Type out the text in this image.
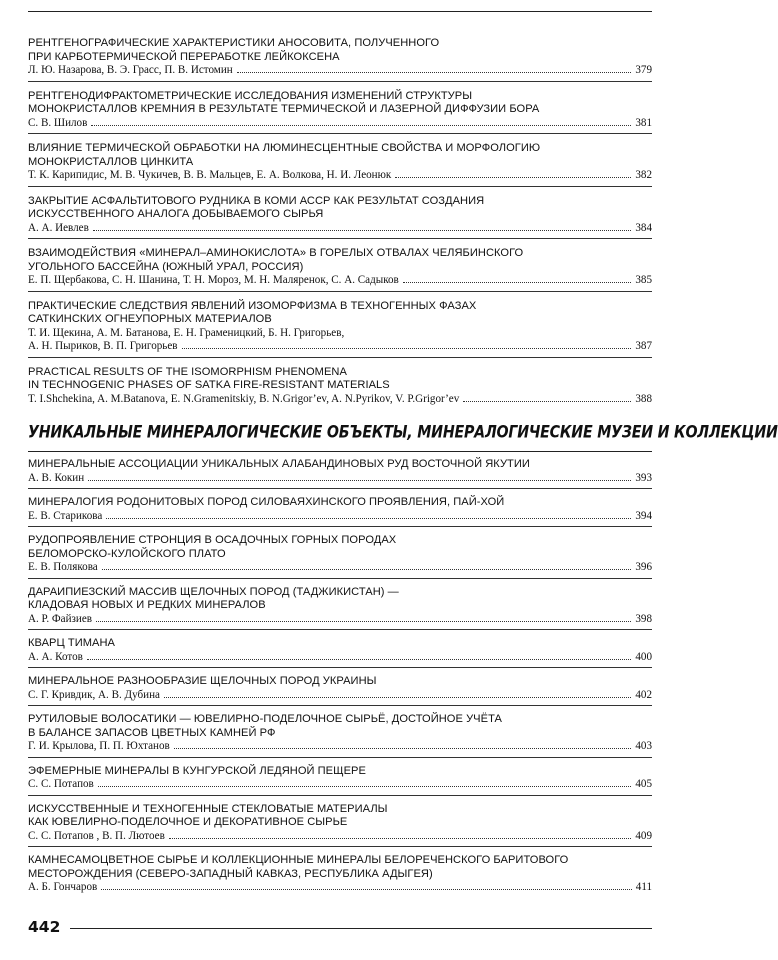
РЕНТГЕНОГРАФИЧЕСКИЕ ХАРАКТЕРИСТИКИ АНОСОВИТА, ПОЛУЧЕННОГО
ПРИ КАРБОТЕРМИЧЕСКОЙ ПЕРЕРАБОТКЕ ЛЕЙКОКСЕНА
Л. Ю. Назарова, В. Э. Грасс, П. В. Истомин	379
РЕНТГЕНОДИФРАКТОМЕТРИЧЕСКИЕ ИССЛЕДОВАНИЯ ИЗМЕНЕНИЙ СТРУКТУРЫ
МОНОКРИСТАЛЛОВ КРЕМНИЯ В РЕЗУЛЬТАТЕ ТЕРМИЧЕСКОЙ И ЛАЗЕРНОЙ ДИФФУЗИИ БОРА
С. В. Шилов	381
ВЛИЯНИЕ ТЕРМИЧЕСКОЙ ОБРАБОТКИ НА ЛЮМИНЕСЦЕНТНЫЕ СВОЙСТВА И МОРФОЛОГИЮ
МОНОКРИСТАЛЛОВ ЦИНКИТА
Т. К. Карипидис, М. В. Чукичев, В. В. Мальцев, Е. А. Волкова, Н. И. Леонюк	382
ЗАКРЫТИЕ АСФАЛЬТИТОВОГО РУДНИКА В КОМИ АССР КАК РЕЗУЛЬТАТ СОЗДАНИЯ
ИСКУССТВЕННОГО АНАЛОГА ДОБЫВАЕМОГО СЫРЬЯ
А. А. Иевлев	384
ВЗАИМОДЕЙСТВИЯ «МИНЕРАЛ–АМИНОКИСЛОТА» В ГОРЕЛЫХ ОТВАЛАХ ЧЕЛЯБИНСКОГО
УГОЛЬНОГО БАССЕЙНА (ЮЖНЫЙ УРАЛ, РОССИЯ)
Е. П. Щербакова, С. Н. Шанина, Т. Н. Мороз, М. Н. Маляренок, С. А. Садыков	385
ПРАКТИЧЕСКИЕ СЛЕДСТВИЯ ЯВЛЕНИЙ ИЗОМОРФИЗМА В ТЕХНОГЕННЫХ ФАЗАХ
САТКИНСКИХ ОГНЕУПОРНЫХ МАТЕРИАЛОВ
Т. И. Щекина, А. М. Батанова, Е. Н. Граменицкий, Б. Н. Григорьев,
А. Н. Пыриков, В. П. Григорьев	387
PRACTICAL RESULTS OF THE ISOMORPHISM PHENOMENA
IN TECHNOGENIC PHASES OF SATKA FIRE-RESISTANT MATERIALS
T. I.Shchekina, A. M.Batanova, E. N.Gramenitskiy, B. N.Grigor’ev, A. N.Pyrikov, V. P.Grigor’ev	388
УНИКАЛЬНЫЕ МИНЕРАЛОГИЧЕСКИЕ ОБЪЕКТЫ, МИНЕРАЛОГИЧЕСКИЕ МУЗЕИ И КОЛЛЕКЦИИ
МИНЕРАЛЬНЫЕ АССОЦИАЦИИ УНИКАЛЬНЫХ АЛАБАНДИНОВЫХ РУД ВОСТОЧНОЙ ЯКУТИИ
А. В. Кокин	393
МИНЕРАЛОГИЯ РОДОНИТОВЫХ ПОРОД СИЛОВАЯХИНСКОГО ПРОЯВЛЕНИЯ, ПАЙ-ХОЙ
Е. В. Старикова	394
РУДОПРОЯВЛЕНИЕ СТРОНЦИЯ В ОСАДОЧНЫХ ГОРНЫХ ПОРОДАХ
БЕЛОМОРСКО-КУЛОЙСКОГО ПЛАТО
Е. В. Полякова	396
ДАРАИПИЕЗСКИЙ МАССИВ ЩЕЛОЧНЫХ ПОРОД (ТАДЖИКИСТАН) —
КЛАДОВАЯ НОВЫХ И РЕДКИХ МИНЕРАЛОВ
А. Р. Файзиев	398
КВАРЦ ТИМАНА
А. А. Котов	400
МИНЕРАЛЬНОЕ РАЗНООБРАЗИЕ ЩЕЛОЧНЫХ ПОРОД УКРАИНЫ
С. Г. Кривдик, А. В. Дубина	402
РУТИЛОВЫЕ ВОЛОСАТИКИ — ЮВЕЛИРНО-ПОДЕЛОЧНОЕ СЫРЬЁ, ДОСТОЙНОЕ УЧЁТА
В БАЛАНСЕ ЗАПАСОВ ЦВЕТНЫХ КАМНЕЙ РФ
Г. И. Крылова, П. П. Юхтанов	403
ЭФЕМЕРНЫЕ МИНЕРАЛЫ В КУНГУРСКОЙ ЛЕДЯНОЙ ПЕЩЕРЕ
С. С. Потапов	405
ИСКУССТВЕННЫЕ И ТЕХНОГЕННЫЕ СТЕКЛОВАТЫЕ МАТЕРИАЛЫ
КАК ЮВЕЛИРНО-ПОДЕЛОЧНОЕ И ДЕКОРАТИВНОЕ СЫРЬЕ
С. С. Потапов , В. П. Лютоев	409
КАМНЕСАМОЦВЕТНОЕ СЫРЬЕ И КОЛЛЕКЦИОННЫЕ МИНЕРАЛЫ БЕЛОРЕЧЕНСКОГО БАРИТОВОГО
МЕСТОРОЖДЕНИЯ (СЕВЕРО-ЗАПАДНЫЙ КАВКАЗ, РЕСПУБЛИКА АДЫГЕЯ)
А. Б. Гончаров	411
442
